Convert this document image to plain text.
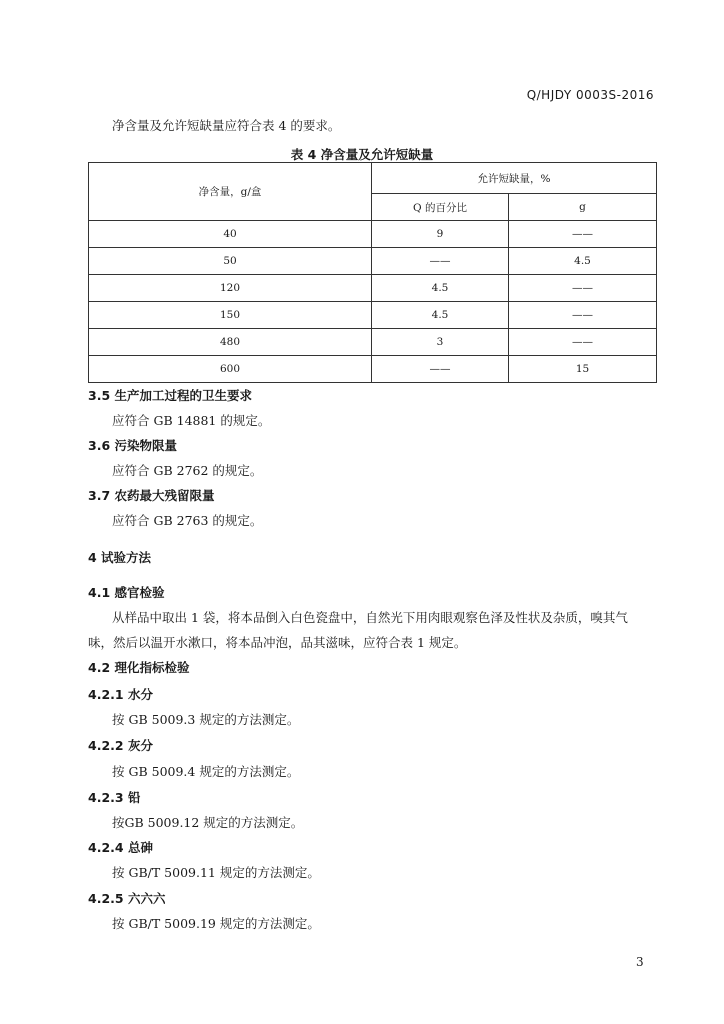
Q/HJDY 0003S-2016
净含量及允许短缺量应符合表 4 的要求。
表 4 净含量及允许短缺量
净含量，g/盒	允许短缺量，%	
	Q 的百分比	g
40	9	——
50	——	4.5
120	4.5	——
150	4.5	——
480	3	——
600	——	15
3.5 生产加工过程的卫生要求
应符合 GB 14881 的规定。
3.6 污染物限量
应符合 GB 2762 的规定。
3.7 农药最大残留限量
应符合 GB 2763 的规定。
4 试验方法
4.1 感官检验
从样品中取出 1 袋，将本品倒入白色瓷盘中，自然光下用肉眼观察色泽及性状及杂质，嗅其气
味，然后以温开水漱口，将本品冲泡，品其滋味，应符合表 1 规定。
4.2 理化指标检验
4.2.1 水分
按 GB 5009.3 规定的方法测定。
4.2.2 灰分
按 GB 5009.4 规定的方法测定。
4.2.3 铅
按GB 5009.12 规定的方法测定。
4.2.4 总砷
按 GB/T 5009.11 规定的方法测定。
4.2.5 六六六
按 GB/T 5009.19 规定的方法测定。
3
